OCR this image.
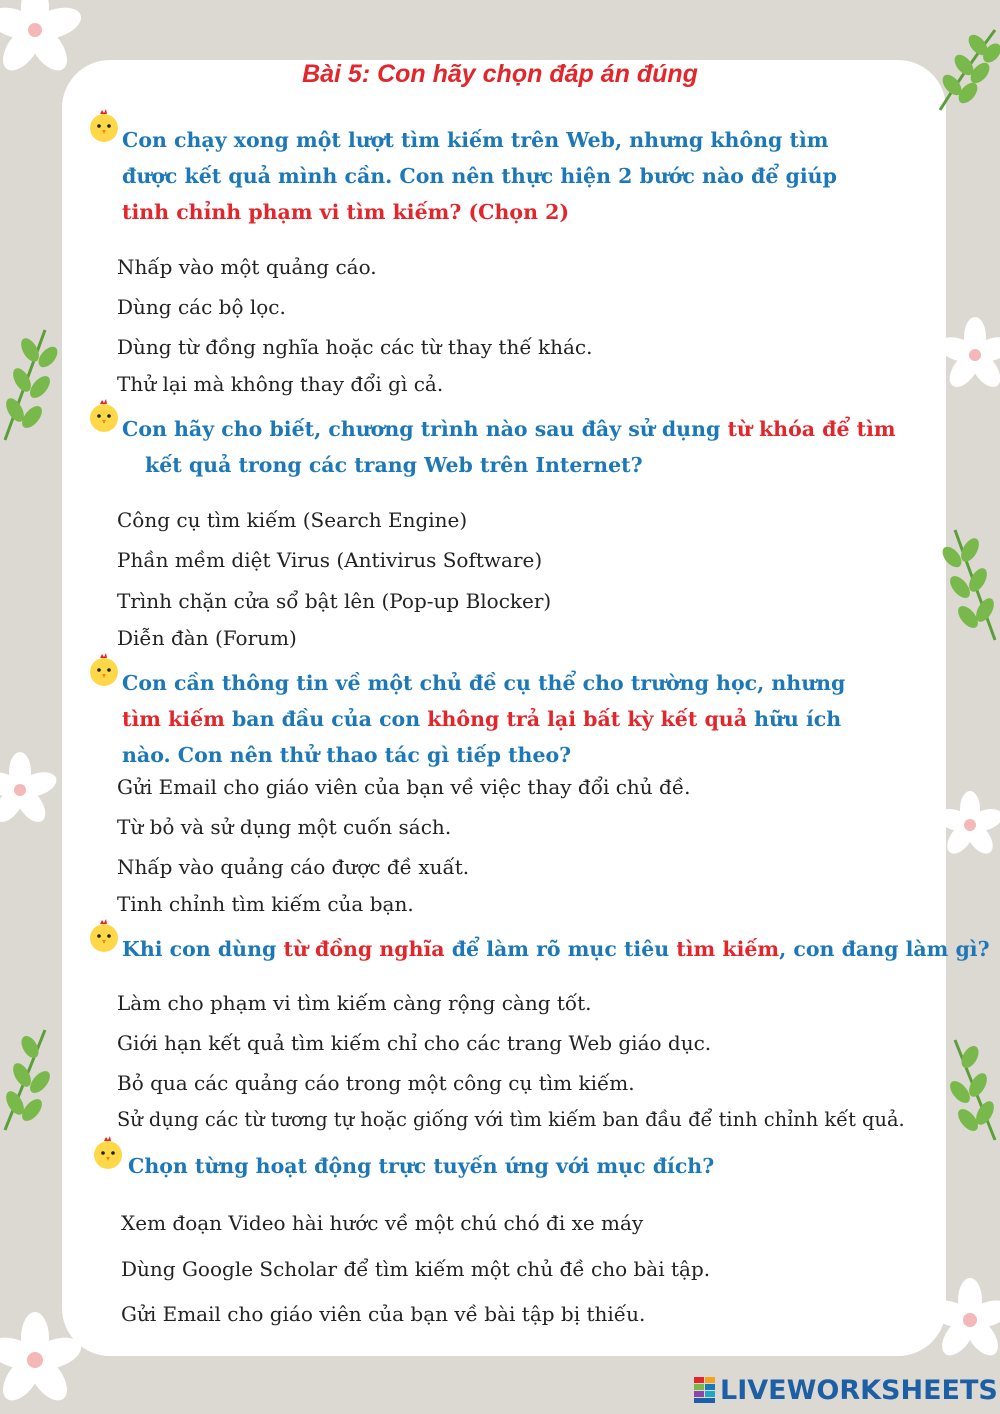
Bài 5: Con hãy chọn đáp án đúng

Con chạy xong một lượt tìm kiếm trên Web, nhưng không tìm được kết quả mình cần. Con nên thực hiện 2 bước nào để giúp tinh chỉnh phạm vi tìm kiếm? (Chọn 2)

Nhấp vào một quảng cáo.

Dùng các bộ lọc.

Dùng từ đồng nghĩa hoặc các từ thay thế khác.

Thử lại mà không thay đổi gì cả.

Con hãy cho biết, chương trình nào sau đây sử dụng từ khóa để tìm

kết quả trong các trang Web trên Internet?

Công cụ tìm kiếm (Search Engine)

Phần mềm diệt Virus (Antivirus Software)

Trình chặn cửa sổ bật lên (Pop-up Blocker)

Diễn đàn (Forum)

Con cần thông tin về một chủ đề cụ thể cho trường học, nhưng tìm kiếm ban đầu của con không trả lại bất kỳ kết quả hữu ích nào. Con nên thử thao tác gì tiếp theo?

Gửi Email cho giáo viên của bạn về việc thay đổi chủ đề.

Từ bỏ và sử dụng một cuốn sách.

Nhấp vào quảng cáo được đề xuất.

Tinh chỉnh tìm kiếm của bạn.

Khi con dùng từ đồng nghĩa để làm rõ mục tiêu tìm kiếm, con đang làm gì?

Làm cho phạm vi tìm kiếm càng rộng càng tốt.

Giới hạn kết quả tìm kiếm chỉ cho các trang Web giáo dục.

Bỏ qua các quảng cáo trong một công cụ tìm kiếm.

Sử dụng các từ tương tự hoặc giống với tìm kiếm ban đầu để tinh chỉnh kết quả.

Chọn từng hoạt động trực tuyến ứng với mục đích?

Xem đoạn Video hài hước về một chú chó đi xe máy

Dùng Google Scholar để tìm kiếm một chủ đề cho bài tập.

Gửi Email cho giáo viên của bạn về bài tập bị thiếu.

LIVEWORKSHEETS
